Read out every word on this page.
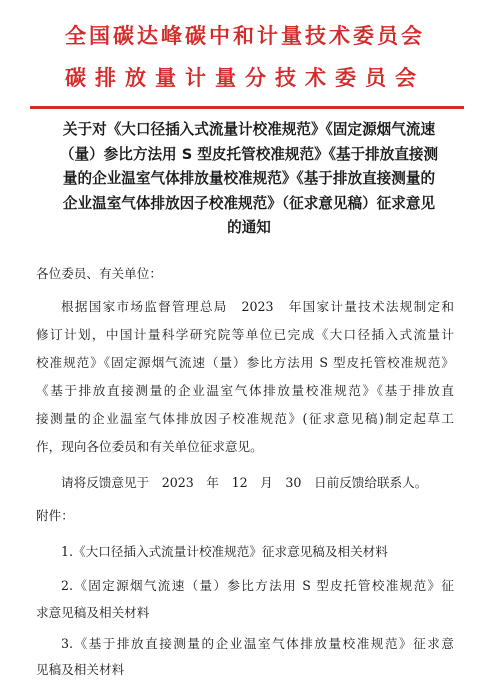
全国碳达峰碳中和计量技术委员会
碳排放量计量分技术委员会
关于对《大口径插入式流量计校准规范》《固定源烟气流速
（量）参比方法用 S 型皮托管校准规范》《基于排放直接测
量的企业温室气体排放量校准规范》《基于排放直接测量的
企业温室气体排放因子校准规范》（征求意见稿）征求意见
的通知
各位委员、有关单位：
根据国家市场监督管理总局　2023　年国家计量技术法规制定和
修订计划，中国计量科学研究院等单位已完成《大口径插入式流量计
校准规范》《固定源烟气流速（量）参比方法用 S 型皮托管校准规范》
《基于排放直接测量的企业温室气体排放量校准规范》《基于排放直
接测量的企业温室气体排放因子校准规范》(征求意见稿)制定起草工
作，现向各位委员和有关单位征求意见。
请将反馈意见于　2023　年　12　月　30　日前反馈给联系人。
附件：
1.《大口径插入式流量计校准规范》征求意见稿及相关材料
2.《固定源烟气流速（量）参比方法用 S 型皮托管校准规范》征
求意见稿及相关材料
3.《基于排放直接测量的企业温室气体排放量校准规范》征求意
见稿及相关材料
